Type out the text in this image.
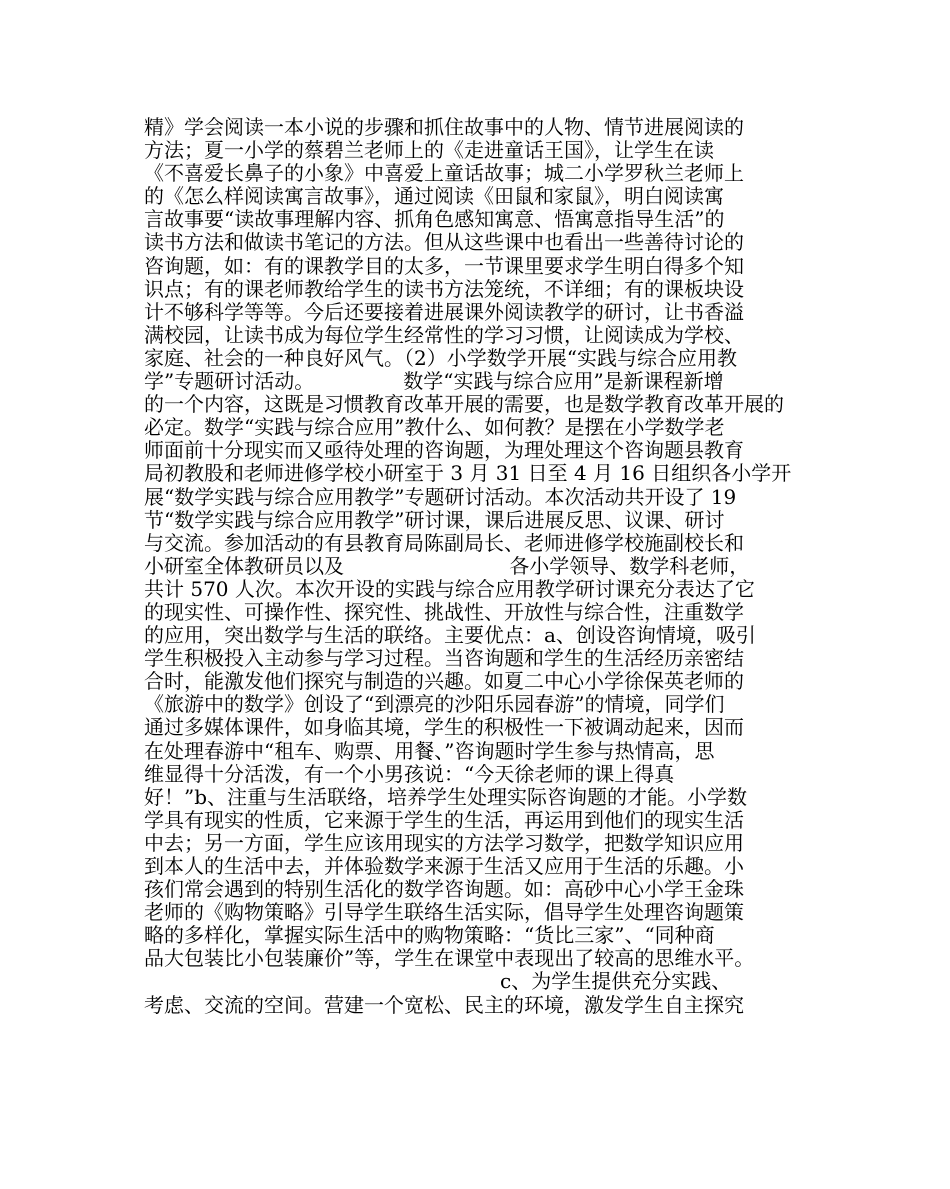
精》学会阅读一本小说的步骤和抓住故事中的人物、情节进展阅读的
方法；夏一小学的蔡碧兰老师上的《走进童话王国》，让学生在读
《不喜爱长鼻子的小象》中喜爱上童话故事；城二小学罗秋兰老师上
的《怎么样阅读寓言故事》，通过阅读《田鼠和家鼠》，明白阅读寓
言故事要“读故事理解内容、抓角色感知寓意、悟寓意指导生活”的
读书方法和做读书笔记的方法。但从这些课中也看出一些善待讨论的
咨询题，如：有的课教学目的太多，一节课里要求学生明白得多个知
识点；有的课老师教给学生的读书方法笼统，不详细；有的课板块设
计不够科学等等。今后还要接着进展课外阅读教学的研讨，让书香溢
满校园，让读书成为每位学生经常性的学习习惯，让阅读成为学校、
家庭、社会的一种良好风气。（2）小学数学开展“实践与综合应用教
学”专题研讨活动。              数学“实践与综合应用”是新课程新增
的一个内容，这既是习惯教育改革开展的需要，也是数学教育改革开展的
必定。数学“实践与综合应用”教什么、如何教？是摆在小学数学老
师面前十分现实而又亟待处理的咨询题，为理处理这个咨询题县教育
局初教股和老师进修学校小研室于 3 月 31 日至 4 月 16 日组织各小学开
展“数学实践与综合应用教学”专题研讨活动。本次活动共开设了 19
节“数学实践与综合应用教学”研讨课，课后进展反思、议课、研讨
与交流。参加活动的有县教育局陈副局长、老师进修学校施副校长和
小研室全体教研员以及                          各小学领导、数学科老师，
共计 570 人次。本次开设的实践与综合应用教学研讨课充分表达了它
的现实性、可操作性、探究性、挑战性、开放性与综合性，注重数学
的应用，突出数学与生活的联络。主要优点：a、创设咨询情境，吸引
学生积极投入主动参与学习过程。当咨询题和学生的生活经历亲密结
合时，能激发他们探究与制造的兴趣。如夏二中心小学徐保英老师的
《旅游中的数学》创设了“到漂亮的沙阳乐园春游”的情境，同学们
通过多媒体课件，如身临其境，学生的积极性一下被调动起来，因而
在处理春游中“租车、购票、用餐、”咨询题时学生参与热情高，思
维显得十分活泼，有一个小男孩说：“今天徐老师的课上得真
好！”b、注重与生活联络，培养学生处理实际咨询题的才能。小学数
学具有现实的性质，它来源于学生的生活，再运用到他们的现实生活
中去；另一方面，学生应该用现实的方法学习数学，把数学知识应用
到本人的生活中去，并体验数学来源于生活又应用于生活的乐趣。小
孩们常会遇到的特别生活化的数学咨询题。如：高砂中心小学王金珠
老师的《购物策略》引导学生联络生活实际，倡导学生处理咨询题策
略的多样化，掌握实际生活中的购物策略：“货比三家”、“同种商
品大包装比小包装廉价”等，学生在课堂中表现出了较高的思维水平。
c、为学生提供充分实践、
考虑、交流的空间。营建一个宽松、民主的环境，激发学生自主探究
